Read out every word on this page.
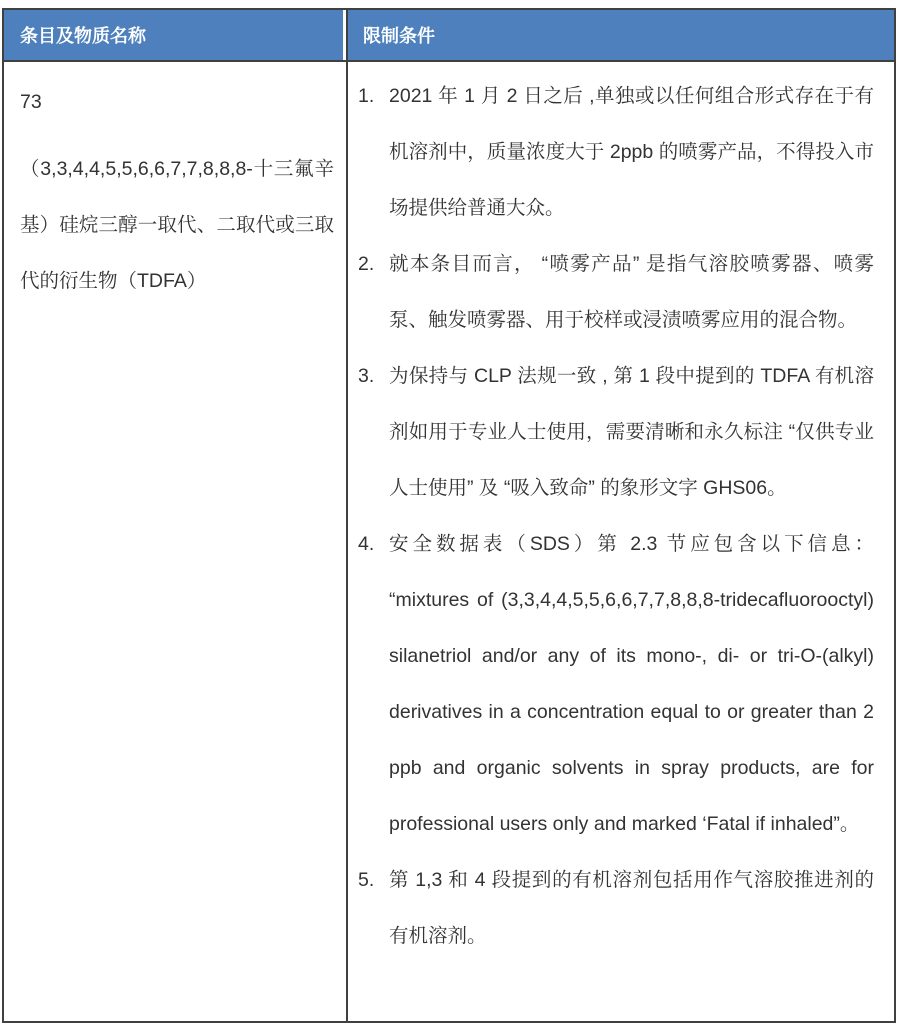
条目及物质名称	限制条件

73

（3,3,4,4,5,5,6,6,7,7,8,8,8-十三氟辛基）硅烷三醇一取代、二取代或三取代的衍生物（TDFA）

1. 2021 年 1 月 2 日之后 ,单独或以任何组合形式存在于有机溶剂中，质量浓度大于 2ppb 的喷雾产品，不得投入市场提供给普通大众。
2. 就本条目而言， “喷雾产品” 是指气溶胶喷雾器、喷雾泵、触发喷雾器、用于校样或浸渍喷雾应用的混合物。
3. 为保持与 CLP 法规一致 , 第 1 段中提到的 TDFA 有机溶剂如用于专业人士使用，需要清晰和永久标注 “仅供专业人士使用” 及 “吸入致命” 的象形文字 GHS06。
4. 安全数据表（SDS）第 2.3 节应包含以下信息： “mixtures of (3,3,4,4,5,5,6,6,7,7,8,8,8-tridecafluorooctyl) silanetriol and/or any of its mono-, di- or tri-O-(alkyl) derivatives in a concentration equal to or greater than 2 ppb and organic solvents in spray products, are for professional users only and marked ‘Fatal if inhaled”。
5. 第 1,3 和 4 段提到的有机溶剂包括用作气溶胶推进剂的有机溶剂。
